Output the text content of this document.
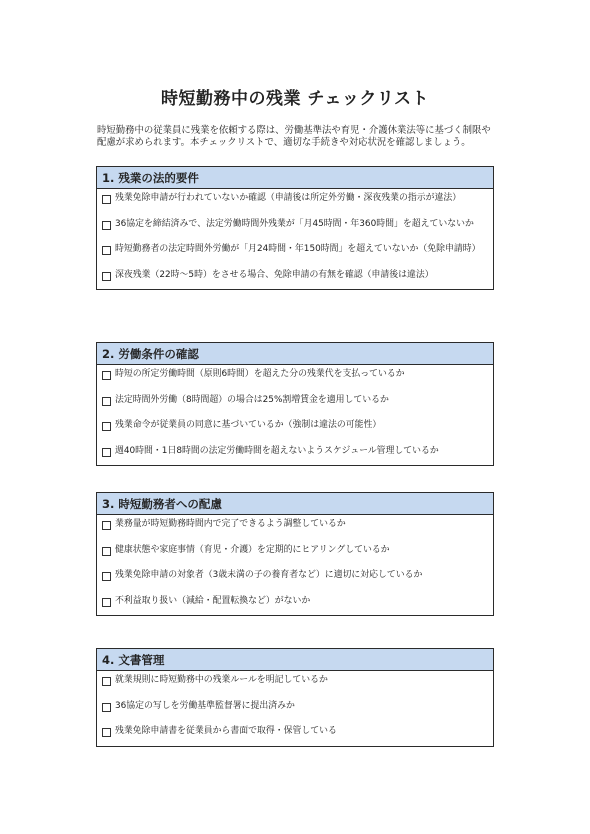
時短勤務中の残業 チェックリスト
時短勤務中の従業員に残業を依頼する際は、労働基準法や育児・介護休業法等に基づく制限や配慮が求められます。本チェックリストで、適切な手続きや対応状況を確認しましょう。
1. 残業の法的要件
残業免除申請が行われていないか確認（申請後は所定外労働・深夜残業の指示が違法）
36協定を締結済みで、法定労働時間外残業が「月45時間・年360時間」を超えていないか
時短勤務者の法定時間外労働が「月24時間・年150時間」を超えていないか（免除申請時）
深夜残業（22時～5時）をさせる場合、免除申請の有無を確認（申請後は違法）
2. 労働条件の確認
時短の所定労働時間（原則6時間）を超えた分の残業代を支払っているか
法定時間外労働（8時間超）の場合は25%割増賃金を適用しているか
残業命令が従業員の同意に基づいているか（強制は違法の可能性）
週40時間・1日8時間の法定労働時間を超えないようスケジュール管理しているか
3. 時短勤務者への配慮
業務量が時短勤務時間内で完了できるよう調整しているか
健康状態や家庭事情（育児・介護）を定期的にヒアリングしているか
残業免除申請の対象者（3歳未満の子の養育者など）に適切に対応しているか
不利益取り扱い（減給・配置転換など）がないか
4. 文書管理
就業規則に時短勤務中の残業ルールを明記しているか
36協定の写しを労働基準監督署に提出済みか
残業免除申請書を従業員から書面で取得・保管している
